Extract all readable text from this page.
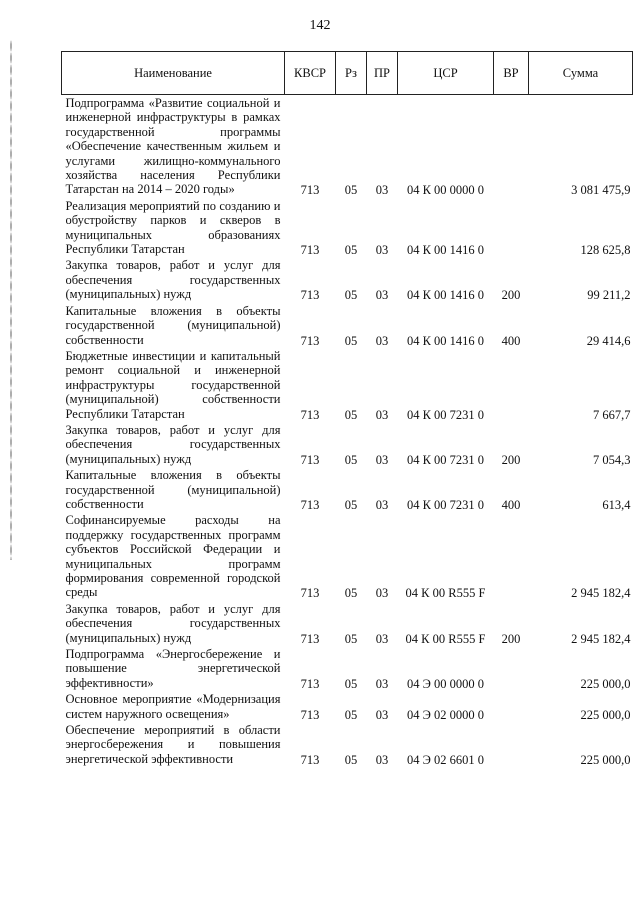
142
Наименование	КВСР	Рз	ПР	ЦСР	ВР	Сумма
Подпрограмма «Развитие социальной и инженерной инфраструктуры в рамках государственной программы «Обеспечение качественным жильем и услугами жилищно-коммунального хозяйства населения Республики Татарстан на 2014 – 2020 годы»	713	05	03	04 К 00 0000 0		3 081 475,9
Реализация мероприятий по созданию и обустройству парков и скверов в муниципальных образованиях Республики Татарстан	713	05	03	04 К 00 1416 0		128 625,8
Закупка товаров, работ и услуг для обеспечения государственных (муниципальных) нужд	713	05	03	04 К 00 1416 0	200	99 211,2
Капитальные вложения в объекты государственной (муниципальной) собственности	713	05	03	04 К 00 1416 0	400	29 414,6
Бюджетные инвестиции и капитальный ремонт социальной и инженерной инфраструктуры государственной (муниципальной) собственности Республики Татарстан	713	05	03	04 К 00 7231 0		7 667,7
Закупка товаров, работ и услуг для обеспечения государственных (муниципальных) нужд	713	05	03	04 К 00 7231 0	200	7 054,3
Капитальные вложения в объекты государственной (муниципальной) собственности	713	05	03	04 К 00 7231 0	400	613,4
Софинансируемые расходы на поддержку государственных программ субъектов Российской Федерации и муниципальных программ формирования современной городской среды	713	05	03	04 К 00 R555 F		2 945 182,4
Закупка товаров, работ и услуг для обеспечения государственных (муниципальных) нужд	713	05	03	04 К 00 R555 F	200	2 945 182,4
Подпрограмма «Энергосбережение и повышение энергетической эффективности»	713	05	03	04 Э 00 0000 0		225 000,0
Основное мероприятие «Модернизация систем наружного освещения»	713	05	03	04 Э 02 0000 0		225 000,0
Обеспечение мероприятий в области энергосбережения и повышения энергетической эффективности	713	05	03	04 Э 02 6601 0		225 000,0
